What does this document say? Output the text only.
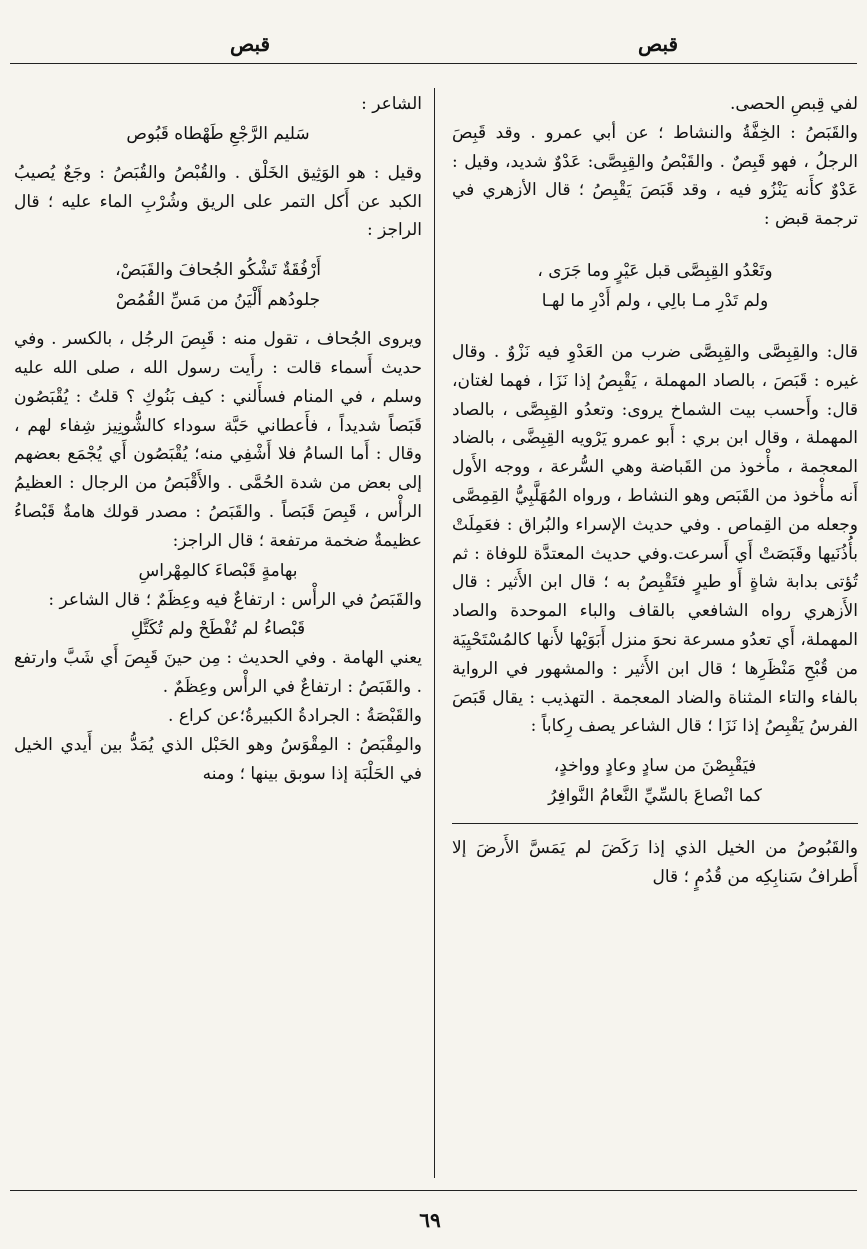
قبص
قبص

لفي قِبصِ الحصى.

والقَبَصُ : الخِفَّةُ والنشاط ؛ عن أبي عمرو . وقد قَبِصَ الرجلُ ، فهو قَبِصٌ . والقَبْصُ والقِبِصَّى: عَدْوٌ شديد، وقيل : عَدْوٌ كأَنه يَنْزُو فيه ، وقد قَبَصَ يَقْبِصُ ؛ قال الأزهري في ترجمة قبض :

وتَعْدُو القِبِصَّى قبل عَيْرٍ وما جَرَى ،

ولم تَدْرِ مـا بالِي ، ولم أَدْرِ ما لهـا

قال: والقِبِصَّى والقِبِصَّى ضرب من العَدْوِ فيه نَزْوٌ . وقال غيره : قَبَصَ ، بالصاد المهملة ، يَقْبِصُ إذا نَزَا ، فهما لغتان، قال: وأَحسب بيت الشماخ يروى: وتعدُو القِبِصَّى ، بالصاد المهملة ، وقال ابن بري : أَبو عمرو يَرْويه القِبِضَّى ، بالضاد المعجمة ، مأْخوذ من القَباضة وهي السُّرعة ، ووجه الأَول أَنه مأْخوذ من القَبَص وهو النشاط ، ورواه المُهَلَّبِيُّ القِمِصَّى وجعله من القِماص . وفي حديث الإسراء والبُراق : فعَمِلَتْ بأُذُنَيها وقَبَصَتْ أَي أَسرعت.وفي حديث المعتدَّة للوفاة : ثم تُؤتى بدابة شاةٍ أَو طيرٍ فتَقْبِصُ به ؛ قال ابن الأَثير : قال الأَزهري رواه الشافعي بالقاف والباء الموحدة والصاد المهملة، أَي تعدُو مسرعة نحوَ منزل أَبَوَيْها لأَنها كالمُسْتَحْيِيَة من قُبْحِ مَنْظَرِها ؛ قال ابن الأَثير : والمشهور في الرواية بالفاء والتاء المثناة والضاد المعجمة . التهذيب : يقال قَبَصَ الفرسُ يَقْبِصُ إذا نَزَا ؛ قال الشاعر يصف رِكاباً :

فيَقْبِصْنَ من سادٍ وعادٍ وواخدٍ،

كما انْصاعَ بالسِّيِّ النَّعامُ النَّوافِرُ

والقَبُوصُ من الخيل الذي إذا رَكَضَ لم يَمَسَّ الأَرضَ إلا أَطرافُ سَنابِكِه من قُدُمٍ ؛ قال

الشاعر :

سَليم الرَّجْعِ طَهْطاه قَبُوص

وقيل : هو الوَثِيق الخَلْق . والقُبْصُ والقُبَصُ : وجَعٌ يُصيبُ الكبد عن أَكل التمر على الريق وشُرْبِ الماء عليه ؛ قال الراجز :

أَرْفُقَةٌ تَشْكُو الجُحافَ والقَبَصْ،

جلودُهم أَلْيَنُ من مَسِّ القُمُصْ

ويروى الجُحاف ، تقول منه : قَبِصَ الرجُل ، بالكسر . وفي حديث أَسماء قالت : رأَيت رسول الله ، صلى الله عليه وسلم ، في المنام فسأَلني : كيف بَنُوكِ ؟ قلتُ : يُقْبَصُون قَبَصاً شديداً ، فأَعطاني حَبَّة سوداء كالشُّونِيز شِفاء لهم ، وقال : أَما السامُ فلا أَشْفِي منه؛ يُقْبَصُون أَي يُجْمَع بعضهم إلى بعض من شدة الحُمَّى . والأَقْبَصُ من الرجال : العظيمُ الرأْس ، قَبِصَ قَبَصاً . والقَبَصُ : مصدر قولك هامةٌ قَبْصاءُ عظيمةٌ ضخمة مرتفعة ؛ قال الراجز:

بهامةٍ قَبْصاءَ كالمِهْراسِ

والقَبَصُ في الرأْس : ارتفاعٌ فيه وعِظَمٌ ؛ قال الشاعر :

قَبْصاءُ لم تُفْطَحْ ولم تُكَتَّلِ

يعني الهامة . وفي الحديث : مِن حينَ قَبِصَ أَي شَبَّ وارتفع . والقَبَصُ : ارتفاعٌ في الرأْس وعِظَمٌ .

والقَبْصَةُ : الجرادةُ الكبيرةُ؛عن كراع .

والمِقْبَصُ : المِقْوَسُ وهو الحَبْل الذي يُمَدُّ بين أَيدي الخيل في الحَلْبَة إذا سوبق بينها ؛ ومنه

٦٩
